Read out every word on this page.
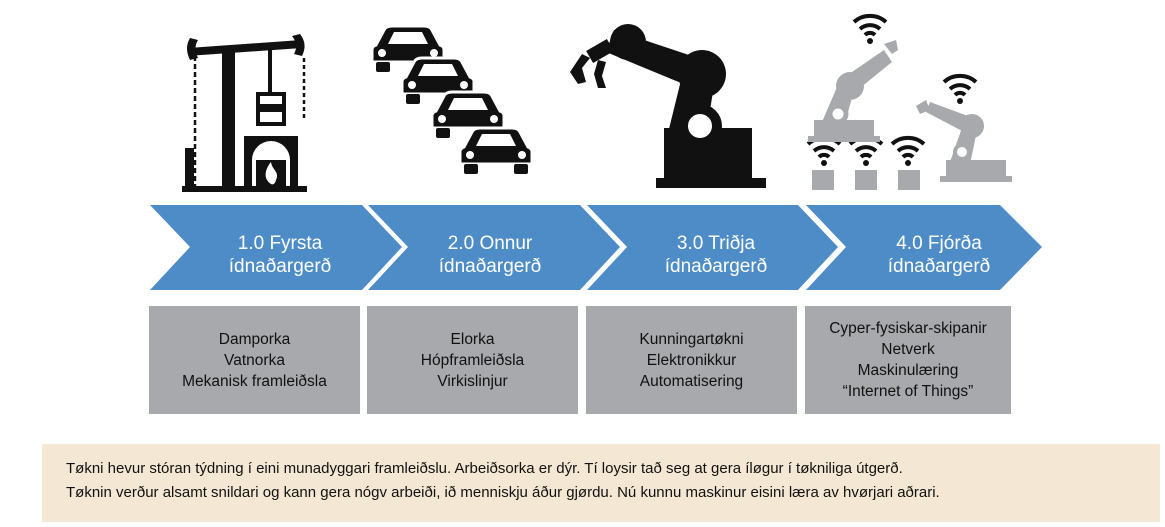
1.0 Fyrsta
ídnaðargerð
2.0 Onnur
ídnaðargerð
3.0 Triðja
ídnaðargerð
4.0 Fjórða
ídnaðargerð
Damporka
Vatnorka
Mekanisk framleiðsla
Elorka
Hópframleiðsla
Virkislinjur
Kunningartøkni
Elektronikkur
Automatisering
Cyper-fysiskar-skipanir
Netverk
Maskinulæring
“Internet of Things”
Tøkni hevur stóran týdning í eini munadyggari framleiðslu. Arbeiðsorka er dýr. Tí loysir tað seg at gera íløgur í tøkniliga útgerð.
Tøknin verður alsamt snildari og kann gera nógv arbeiði, ið menniskju áður gjørdu. Nú kunnu maskinur eisini læra av hvørjari aðrari.
